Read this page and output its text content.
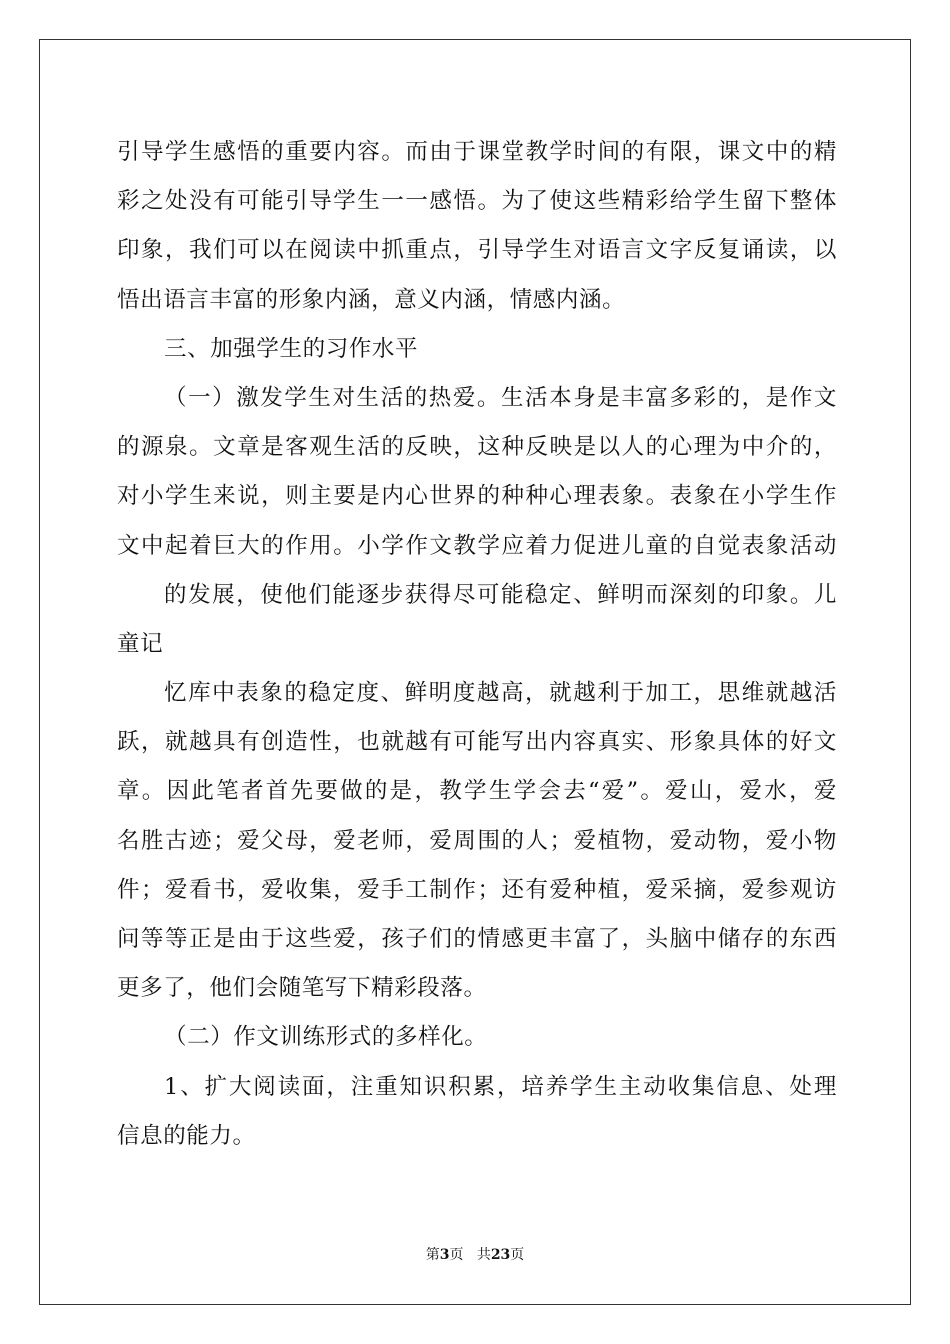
引导学生感悟的重要内容。而由于课堂教学时间的有限，课文中的精
彩之处没有可能引导学生一一感悟。为了使这些精彩给学生留下整体
印象，我们可以在阅读中抓重点，引导学生对语言文字反复诵读，以
悟出语言丰富的形象内涵，意义内涵，情感内涵。
三、加强学生的习作水平
（一）激发学生对生活的热爱。生活本身是丰富多彩的，是作文
的源泉。文章是客观生活的反映，这种反映是以人的心理为中介的，
对小学生来说，则主要是内心世界的种种心理表象。表象在小学生作
文中起着巨大的作用。小学作文教学应着力促进儿童的自觉表象活动
的发展，使他们能逐步获得尽可能稳定、鲜明而深刻的印象。儿
童记
忆库中表象的稳定度、鲜明度越高，就越利于加工，思维就越活
跃，就越具有创造性，也就越有可能写出内容真实、形象具体的好文
章。因此笔者首先要做的是，教学生学会去“爱”。爱山，爱水，爱
名胜古迹；爱父母，爱老师，爱周围的人；爱植物，爱动物，爱小物
件；爱看书，爱收集，爱手工制作；还有爱种植，爱采摘，爱参观访
问等等正是由于这些爱，孩子们的情感更丰富了，头脑中储存的东西
更多了，他们会随笔写下精彩段落。
（二）作文训练形式的多样化。
1、扩大阅读面，注重知识积累，培养学生主动收集信息、处理
信息的能力。
第3页 共23页
